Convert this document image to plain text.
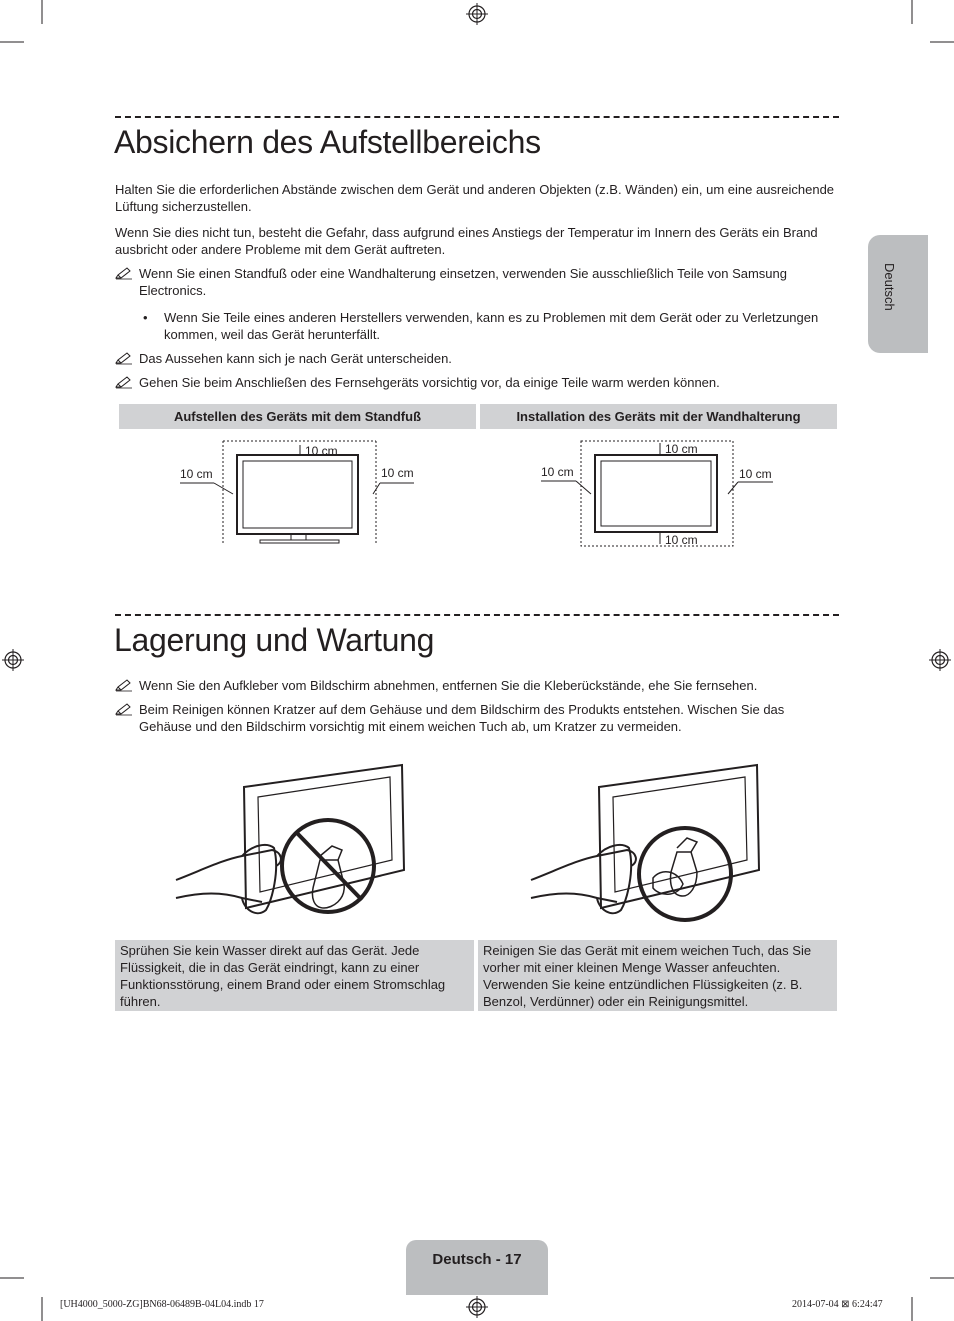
Deutsch
Absichern des Aufstellbereichs

Halten Sie die erforderlichen Abstände zwischen dem Gerät und anderen Objekten (z.B. Wänden) ein, um eine ausreichende Lüftung sicherzustellen.

Wenn Sie dies nicht tun, besteht die Gefahr, dass aufgrund eines Anstiegs der Temperatur im Innern des Geräts ein Brand ausbricht oder andere Probleme mit dem Gerät auftreten.

Wenn Sie einen Standfuß oder eine Wandhalterung einsetzen, verwenden Sie ausschließlich Teile von Samsung Electronics.
• Wenn Sie Teile eines anderen Herstellers verwenden, kann es zu Problemen mit dem Gerät oder zu Verletzungen kommen, weil das Gerät herunterfällt.
Das Aussehen kann sich je nach Gerät unterscheiden.
Gehen Sie beim Anschließen des Fernsehgeräts vorsichtig vor, da einige Teile warm werden können.
Aufstellen des Geräts mit dem Standfuß	Installation des Geräts mit der Wandhalterung
10 cm
10 cm	10 cm
10 cm
10 cm	10 cm
10 cm
Lagerung und Wartung
Wenn Sie den Aufkleber vom Bildschirm abnehmen, entfernen Sie die Kleberückstände, ehe Sie fernsehen.
Beim Reinigen können Kratzer auf dem Gehäuse und dem Bildschirm des Produkts entstehen. Wischen Sie das Gehäuse und den Bildschirm vorsichtig mit einem weichen Tuch ab, um Kratzer zu vermeiden.
Sprühen Sie kein Wasser direkt auf das Gerät. Jede Flüssigkeit, die in das Gerät eindringt, kann zu einer Funktionsstörung, einem Brand oder einem Stromschlag führen.
Reinigen Sie das Gerät mit einem weichen Tuch, das Sie vorher mit einer kleinen Menge Wasser anfeuchten. Verwenden Sie keine entzündlichen Flüssigkeiten (z. B. Benzol, Verdünner) oder ein Reinigungsmittel.
Deutsch - 17
[UH4000_5000-ZG]BN68-06489B-04L04.indb 17	2014-07-04 ⊠ 6:24:47
